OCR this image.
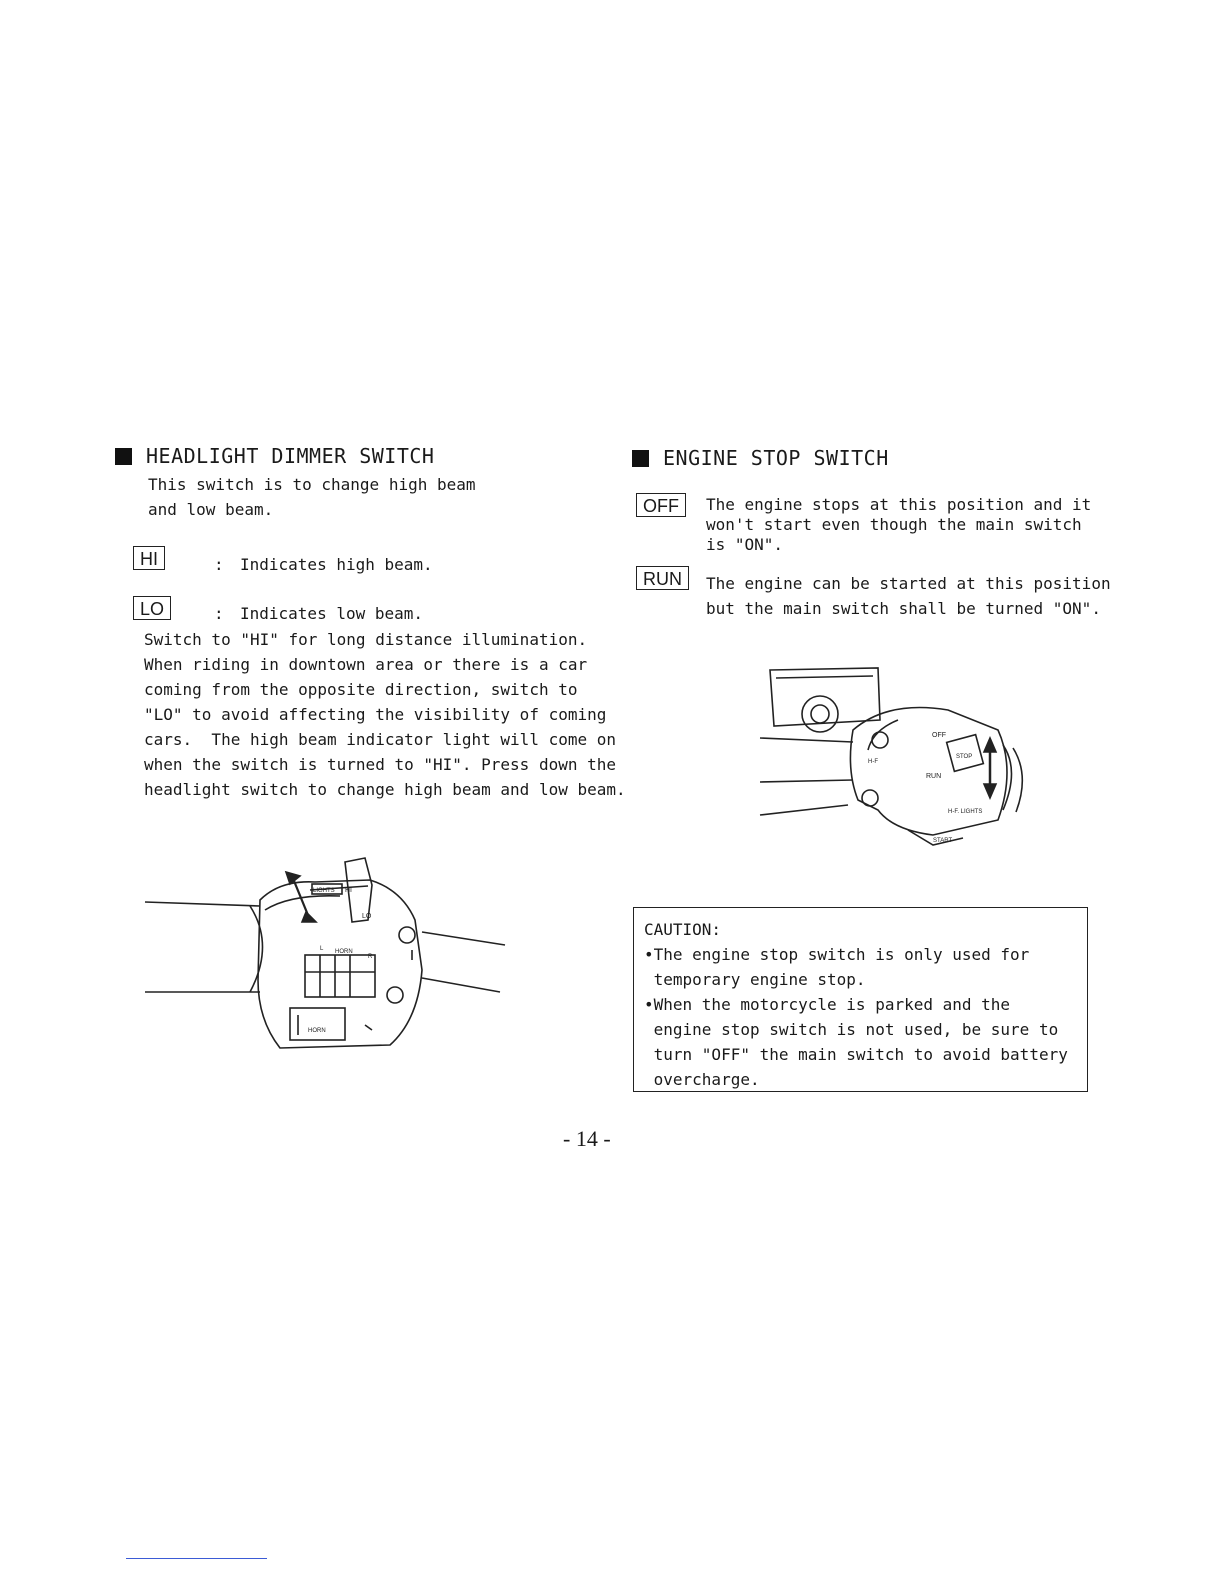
HEADLIGHT DIMMER SWITCH
This switch is to change high beam
and low beam.
HI	: Indicates high beam.
LO	: Indicates low beam.
Switch to "HI" for long distance illumination.
When riding in downtown area or there is a car
coming from the opposite direction, switch to
"LO" to avoid affecting the visibility of coming
cars.  The high beam indicator light will come on
when the switch is turned to "HI". Press down the
headlight switch to change high beam and low beam.
LIGHTS HI
LO
L HORN
R
HORN
ENGINE STOP SWITCH
OFF	The engine stops at this position and it
won't start even though the main switch
is "ON".
RUN	The engine can be started at this position
but the main switch shall be turned "ON".
OFF
STOP
RUN
H-F
H-F. LIGHTS
START
CAUTION:
•The engine stop switch is only used for
temporary engine stop.
•When the motorcycle is parked and the
engine stop switch is not used, be sure to
turn "OFF" the main switch to avoid battery
overcharge.
- 14 -
